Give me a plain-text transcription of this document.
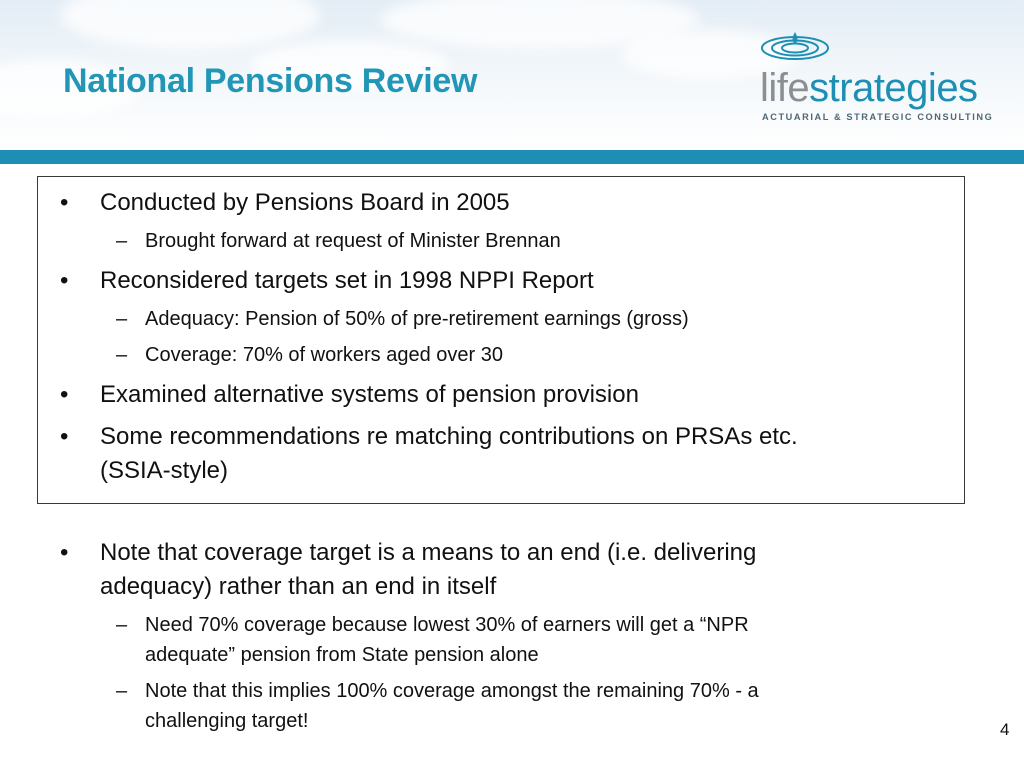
National Pensions Review	lifestrategies
ACTUARIAL & STRATEGIC CONSULTING
• Conducted by Pensions Board in 2005
– Brought forward at request of Minister Brennan
• Reconsidered targets set in 1998 NPPI Report
– Adequacy: Pension of 50% of pre-retirement earnings (gross)
– Coverage: 70% of workers aged over 30
• Examined alternative systems of pension provision
• Some recommendations re matching contributions on PRSAs etc.
(SSIA-style)
• Note that coverage target is a means to an end (i.e. delivering
adequacy) rather than an end in itself
– Need 70% coverage because lowest 30% of earners will get a “NPR
adequate” pension from State pension alone
– Note that this implies 100% coverage amongst the remaining 70% - a
challenging target!	4
